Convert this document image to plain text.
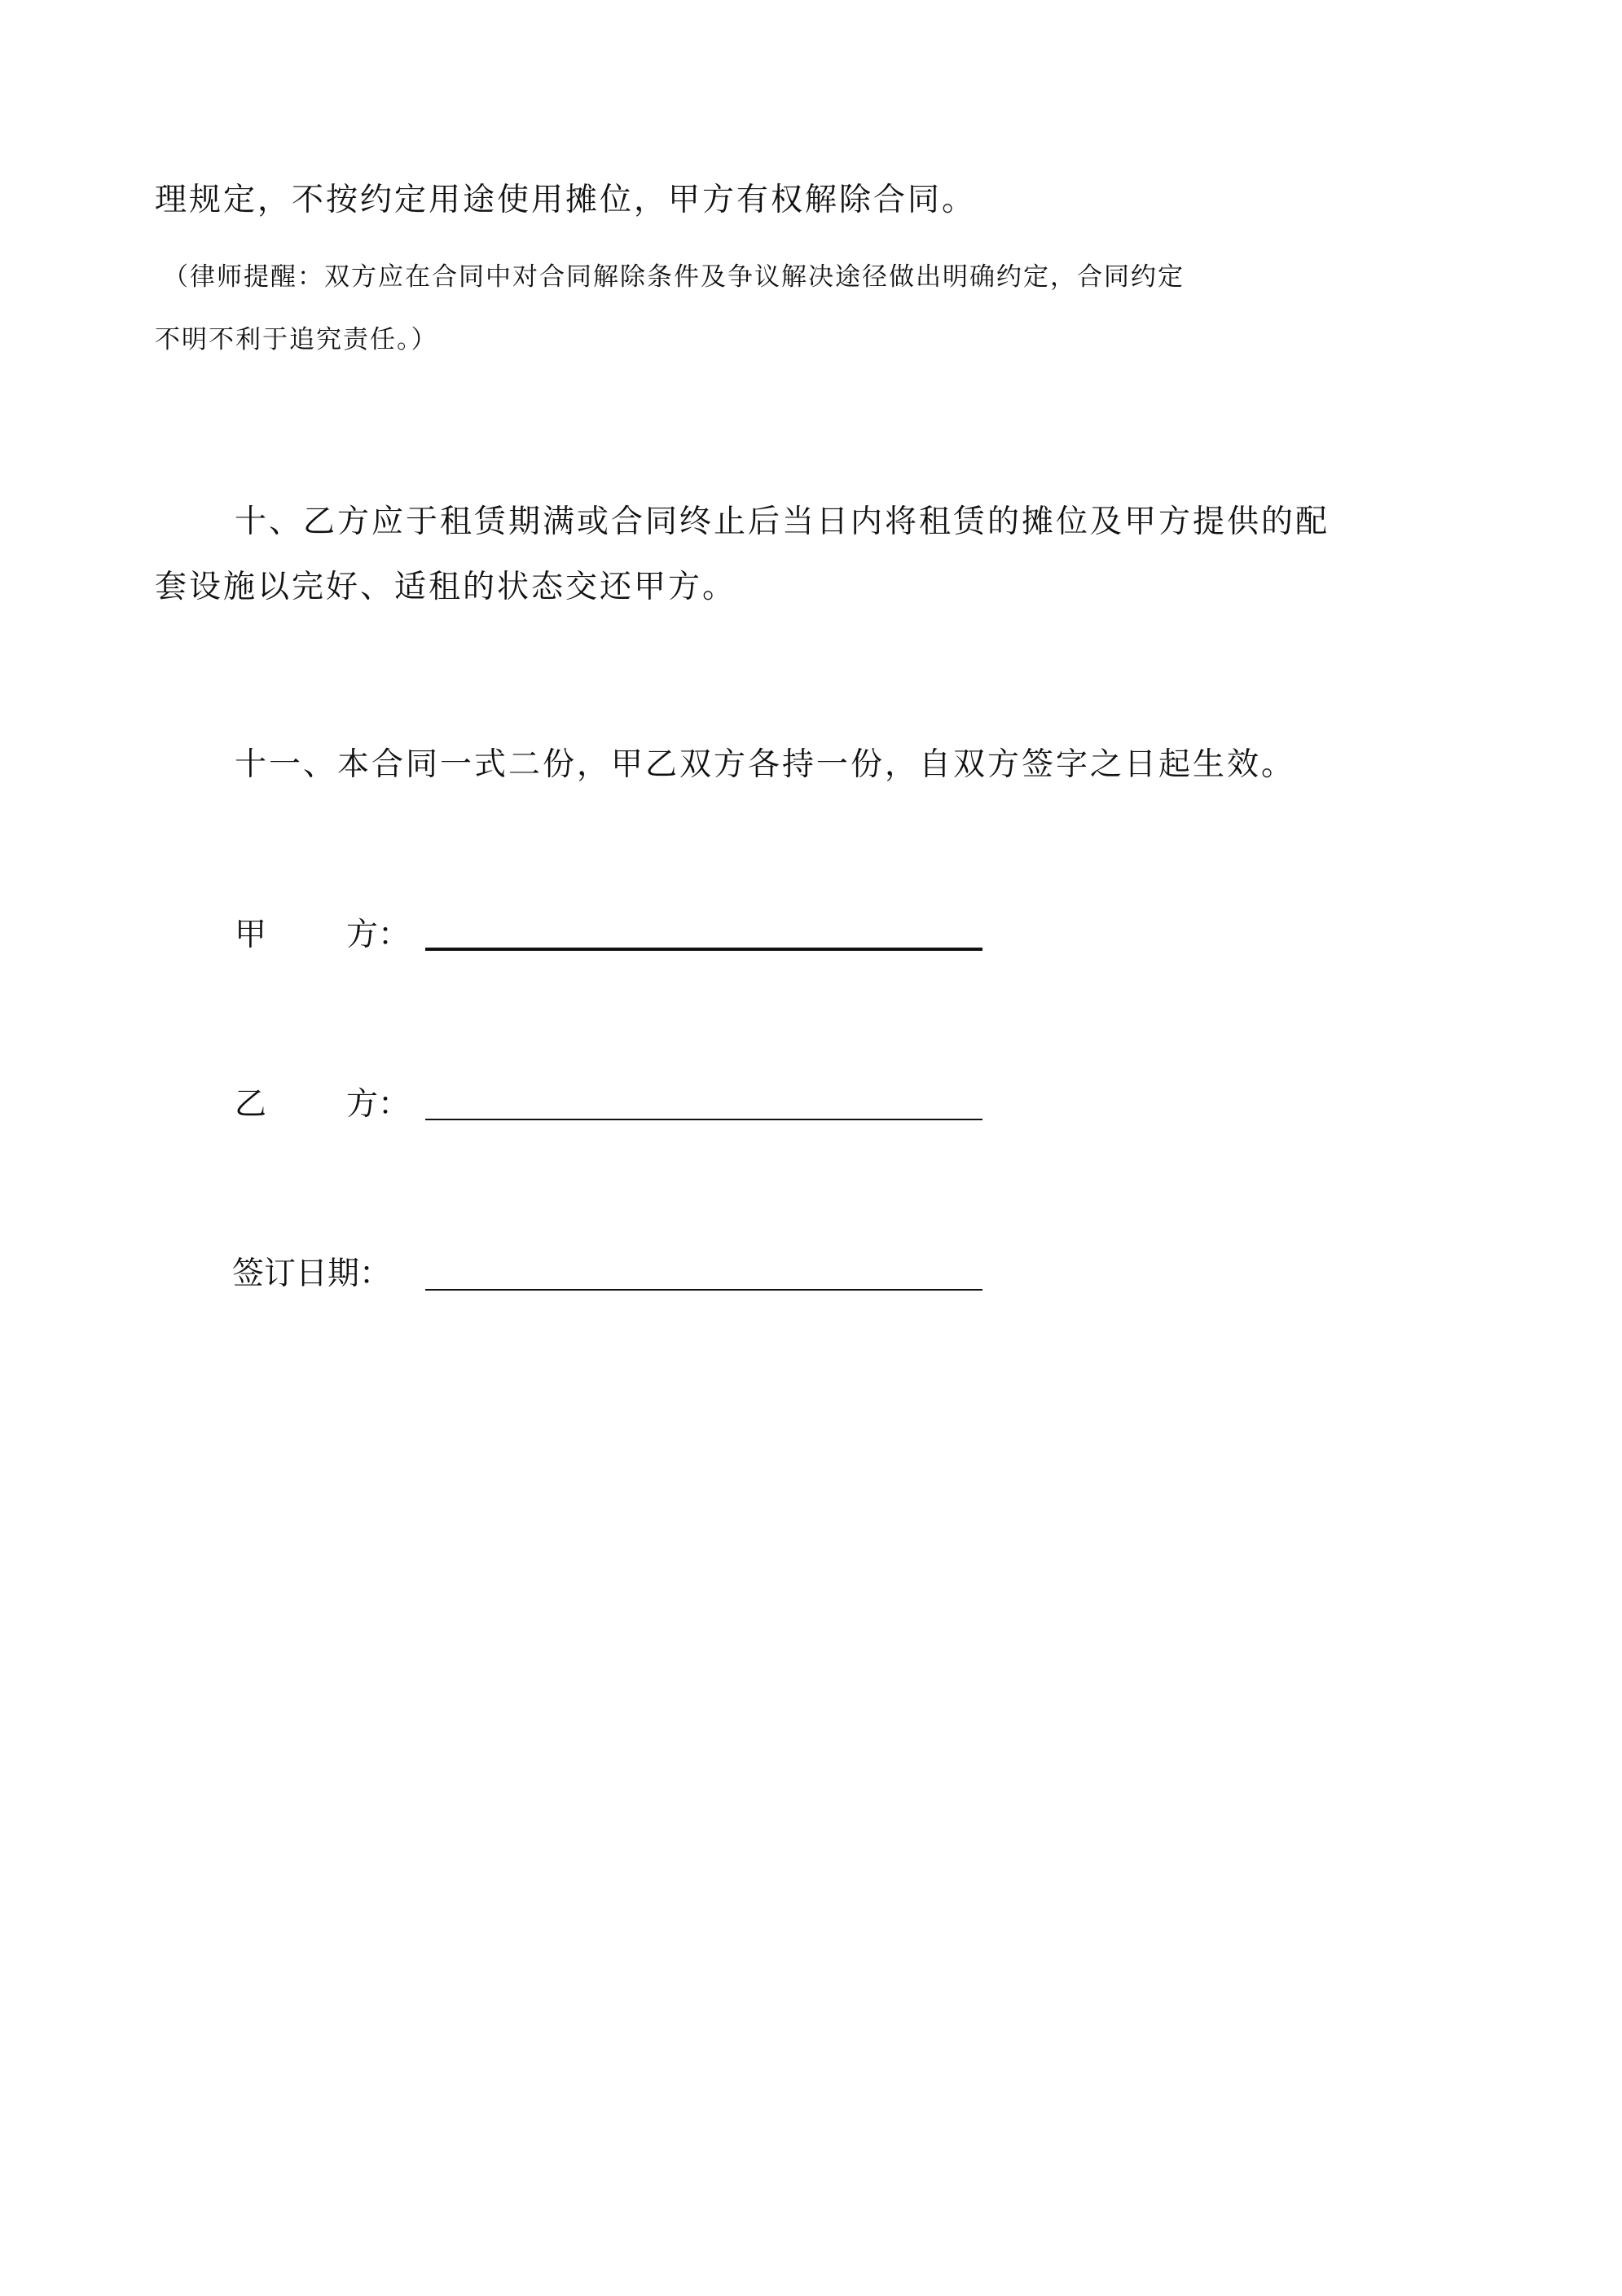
理规定，不按约定用途使用摊位，甲方有权解除合同。
（律师提醒：双方应在合同中对合同解除条件及争议解决途径做出明确约定，合同约定
不明不利于追究责任。）
十、乙方应于租赁期满或合同终止后当日内将租赁的摊位及甲方提供的配
套设施以完好、适租的状态交还甲方。
十一、本合同一式二份，甲乙双方各持一份，自双方签字之日起生效。
甲	方：
乙	方：
签订日期：
